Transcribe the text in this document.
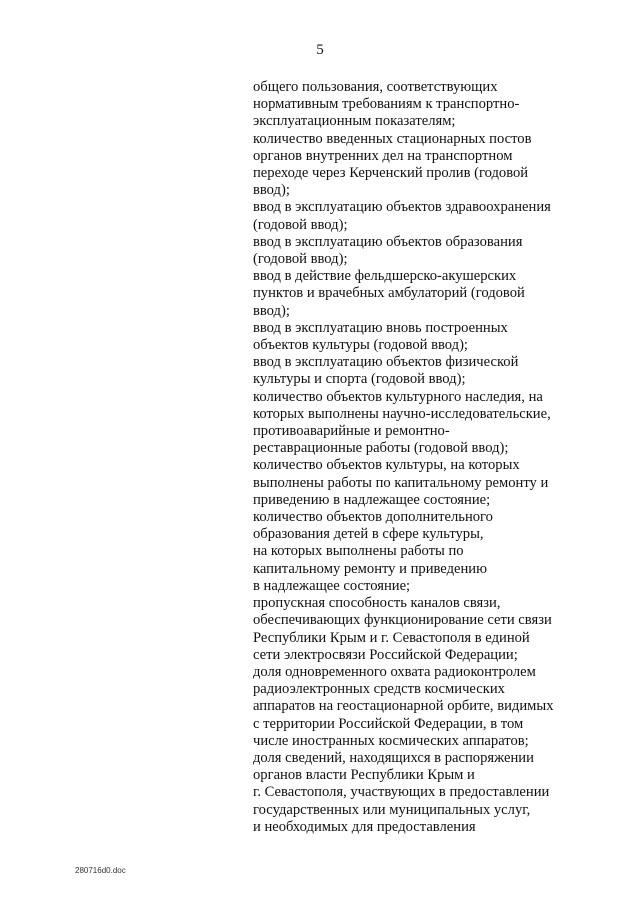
5
общего пользования, соответствующих
нормативным требованиям к транспортно-
эксплуатационным показателям;
количество введенных стационарных постов
органов внутренних дел на транспортном
переходе через Керченский пролив (годовой
ввод);
ввод в эксплуатацию объектов здравоохранения
(годовой ввод);
ввод в эксплуатацию объектов образования
(годовой ввод);
ввод в действие фельдшерско-акушерских
пунктов и врачебных амбулаторий (годовой
ввод);
ввод в эксплуатацию вновь построенных
объектов культуры (годовой ввод);
ввод в эксплуатацию объектов физической
культуры и спорта (годовой ввод);
количество объектов культурного наследия, на
которых выполнены научно-исследовательские,
противоаварийные и ремонтно-
реставрационные работы (годовой ввод);
количество объектов культуры, на которых
выполнены работы по капитальному ремонту и
приведению в надлежащее состояние;
количество объектов дополнительного
образования детей в сфере культуры,
на которых выполнены работы по
капитальному ремонту и приведению
в надлежащее состояние;
пропускная способность каналов связи,
обеспечивающих функционирование сети связи
Республики Крым и г. Севастополя в единой
сети электросвязи Российской Федерации;
доля одновременного охвата радиоконтролем
радиоэлектронных средств космических
аппаратов на геостационарной орбите, видимых
с территории Российской Федерации, в том
числе иностранных космических аппаратов;
доля сведений, находящихся в распоряжении
органов власти Республики Крым и
г. Севастополя, участвующих в предоставлении
государственных или муниципальных услуг,
и необходимых для предоставления
280716d0.doc
